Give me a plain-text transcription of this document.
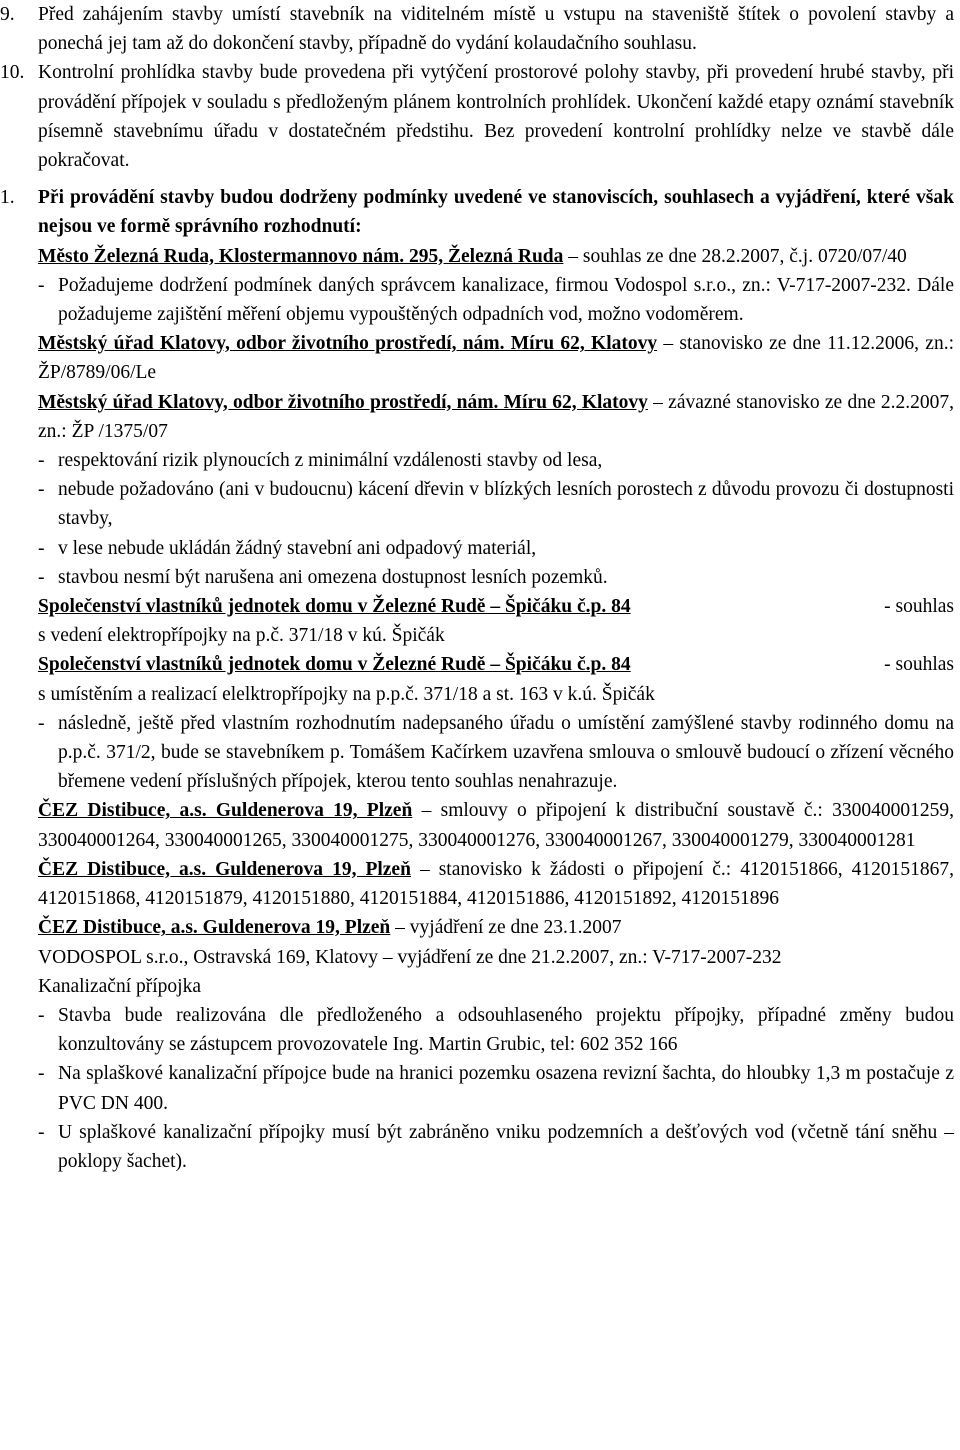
9. Před zahájením stavby umístí stavebník na viditelném místě u vstupu na staveniště štítek o povolení stavby a ponechá jej tam až do dokončení stavby, případně do vydání kolaudačního souhlasu.
10. Kontrolní prohlídka stavby bude provedena při vytýčení prostorové polohy stavby, při provedení hrubé stavby, při provádění přípojek v souladu s předloženým plánem kontrolních prohlídek. Ukončení každé etapy oznámí stavebník písemně stavebnímu úřadu v dostatečném předstihu. Bez provedení kontrolní prohlídky nelze ve stavbě dále pokračovat.
1. Při provádění stavby budou dodrženy podmínky uvedené ve stanoviscích, souhlasech a vyjádření, které však nejsou ve formě správního rozhodnutí:
Město Železná Ruda, Klostermannovo nám. 295, Železná Ruda – souhlas ze dne 28.2.2007, č.j. 0720/07/40
- Požadujeme dodržení podmínek daných správcem kanalizace, firmou Vodospol s.r.o., zn.: V-717-2007-232. Dále požadujeme zajištění měření objemu vypouštěných odpadních vod, možno vodoměrem.
Městský úřad Klatovy, odbor životního prostředí, nám. Míru 62, Klatovy – stanovisko ze dne 11.12.2006, zn.: ŽP/8789/06/Le
Městský úřad Klatovy, odbor životního prostředí, nám. Míru 62, Klatovy – závazné stanovisko ze dne 2.2.2007, zn.: ŽP /1375/07
- respektování rizik plynoucích z minimální vzdálenosti stavby od lesa,
- nebude požadováno (ani v budoucnu) kácení dřevin v blízkých lesních porostech z důvodu provozu či dostupnosti stavby,
- v lese nebude ukládán žádný stavební ani odpadový materiál,
- stavbou nesmí být narušena ani omezena dostupnost lesních pozemků.
Společenství vlastníků jednotek domu v Železné Rudě – Špičáku č.p. 84	- souhlas
s vedení elektropřípojky na p.č. 371/18 v kú. Špičák
Společenství vlastníků jednotek domu v Železné Rudě – Špičáku č.p. 84	- souhlas
s umístěním a realizací elelktropřípojky na p.p.č. 371/18 a st. 163 v k.ú. Špičák
- následně, ještě před vlastním rozhodnutím nadepsaného úřadu o umístění zamýšlené stavby rodinného domu na p.p.č. 371/2, bude se stavebníkem p. Tomášem Kačírkem uzavřena smlouva o smlouvě budoucí o zřízení věcného břemene vedení příslušných přípojek, kterou tento souhlas nenahrazuje.
ČEZ Distibuce, a.s. Guldenerova 19, Plzeň – smlouvy o připojení k distribuční soustavě č.: 330040001259, 330040001264, 330040001265, 330040001275, 330040001276, 330040001267, 330040001279, 330040001281
ČEZ Distibuce, a.s. Guldenerova 19, Plzeň – stanovisko k žádosti o připojení č.: 4120151866, 4120151867, 4120151868, 4120151879, 4120151880, 4120151884, 4120151886, 4120151892, 4120151896
ČEZ Distibuce, a.s. Guldenerova 19, Plzeň – vyjádření ze dne 23.1.2007
VODOSPOL s.r.o., Ostravská 169, Klatovy – vyjádření ze dne 21.2.2007, zn.: V-717-2007-232
Kanalizační přípojka
- Stavba bude realizována dle předloženého a odsouhlaseného projektu přípojky, případné změny budou konzultovány se zástupcem provozovatele Ing. Martin Grubic, tel: 602 352 166
- Na splaškové kanalizační přípojce bude na hranici pozemku osazena revizní šachta, do hloubky 1,3 m postačuje z PVC DN 400.
- U splaškové kanalizační přípojky musí být zabráněno vniku podzemních a dešťových vod (včetně tání sněhu – poklopy šachet).
